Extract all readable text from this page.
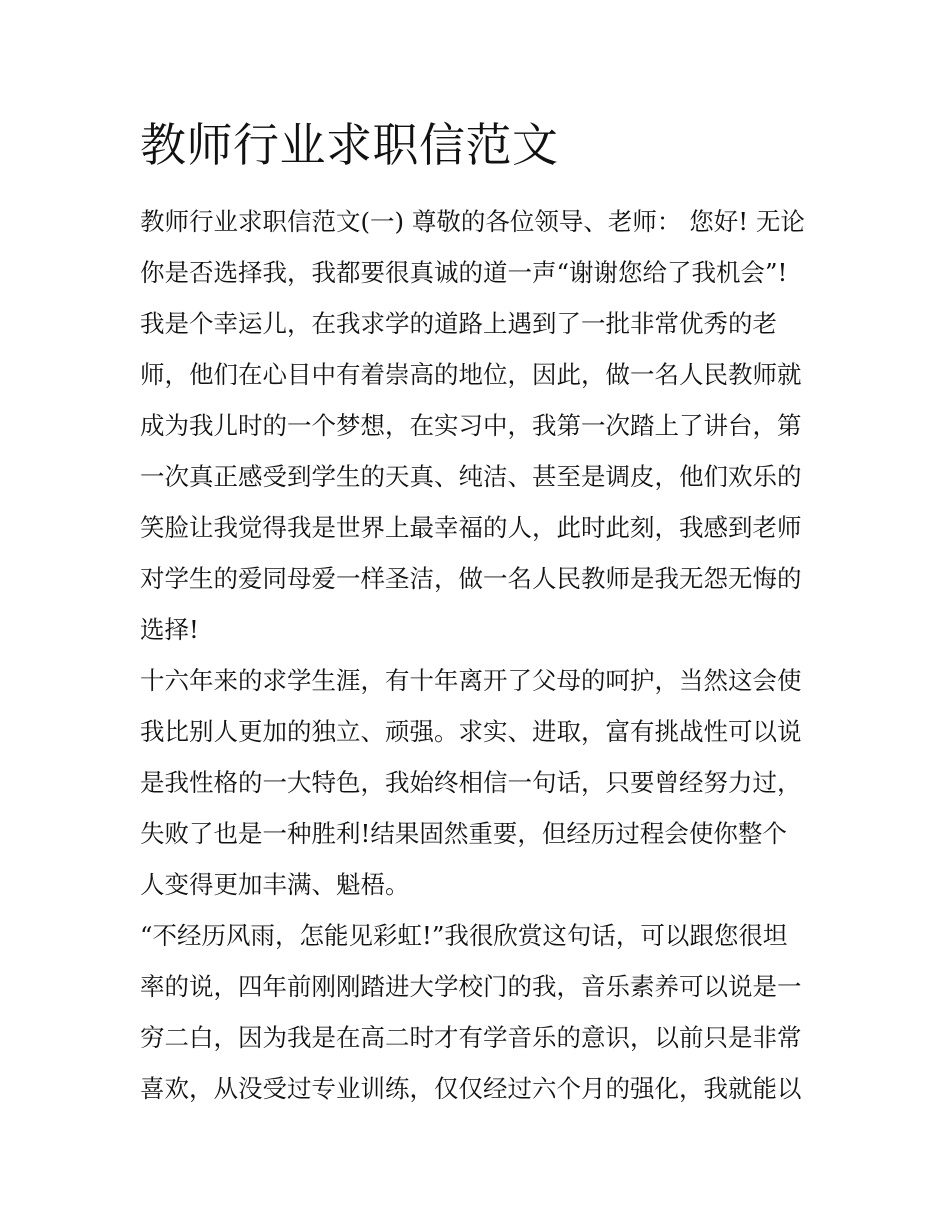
教师行业求职信范文
教师行业求职信范文(一) 尊敬的各位领导、老师： 您好! 无论
你是否选择我，我都要很真诚的道一声“谢谢您给了我机会”!
我是个幸运儿，在我求学的道路上遇到了一批非常优秀的老
师，他们在心目中有着崇高的地位，因此，做一名人民教师就
成为我儿时的一个梦想，在实习中，我第一次踏上了讲台，第
一次真正感受到学生的天真、纯洁、甚至是调皮，他们欢乐的
笑脸让我觉得我是世界上最幸福的人，此时此刻，我感到老师
对学生的爱同母爱一样圣洁，做一名人民教师是我无怨无悔的
选择!
十六年来的求学生涯，有十年离开了父母的呵护，当然这会使
我比别人更加的独立、顽强。求实、进取，富有挑战性可以说
是我性格的一大特色，我始终相信一句话，只要曾经努力过，
失败了也是一种胜利!结果固然重要，但经历过程会使你整个
人变得更加丰满、魁梧。
“不经历风雨，怎能见彩虹!”我很欣赏这句话，可以跟您很坦
率的说，四年前刚刚踏进大学校门的我，音乐素养可以说是一
穷二白，因为我是在高二时才有学音乐的意识，以前只是非常
喜欢，从没受过专业训练，仅仅经过六个月的强化，我就能以
